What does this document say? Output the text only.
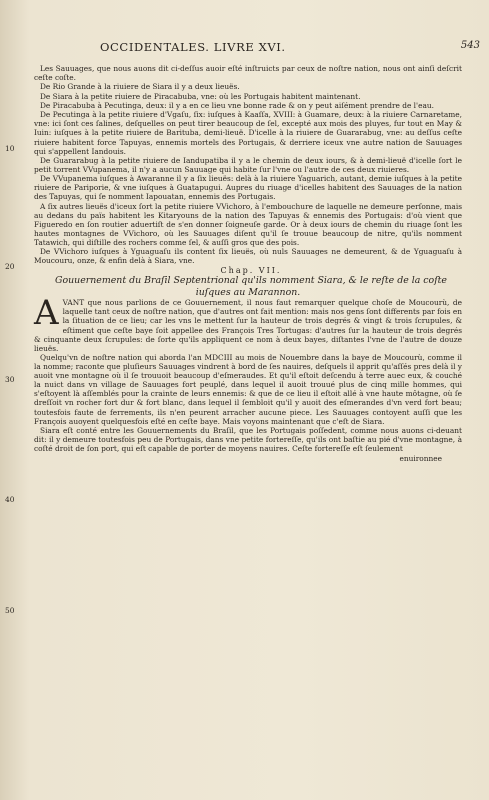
OCCIDENTALES. LIVRE XVI.	543
10
20
30
40
50

Les Sauuages, que nous auons dit ci-deſſus auoir eſté inſtruicts par ceux de noſtre nation, nous ont ainſi deſcrit ceſte coſte.

De Rio Grande à la riuiere de Siara il y a deux lieuës.

De Siara à la petite riuiere de Piracabuba, vne: où les Portugais habitent maintenant.

De Piracabuba à Pecutinga, deux: il y a en ce lieu vne bonne rade & on y peut aiſément prendre de l'eau.

De Pecutinga à la petite riuiere d'Vgaſu, ſix: iuſques à Kaaſſa, XVIII: à Guamare, deux: à la riuiere Carnaretame, vne: ici ſont ces ſalines, deſquelles on peut tirer beaucoup de ſel, excepté aux mois des pluyes, fur tout en May & Iuin: iuſques à la petite riuiere de Barituba, demi-lieuë. D'icelle à la riuiere de Guararabug, vne: au deſſus ceſte riuiere habitent force Tapuyas, ennemis mortels des Portugais, & derriere iceux vne autre nation de Sauuages qui s'appellent Iandouis.

De Guararabug à la petite riuiere de Iandupatiba il y a le chemin de deux iours, & à demi-lieuë d'icelle ſort le petit torrent VVupanema, il n'y a aucun Sauuage qui habite ſur l'vne ou l'autre de ces deux riuieres.

De VVupanema iuſques à Awaranne il y a ſix lieuës: delà à la riuiere Yaguarich, autant, demie iuſques à la petite riuiere de Pariporie, & vne iuſques à Guatapugui. Aupres du riuage d'icelles habitent des Sauuages de la nation des Tapuyas, qui ſe nomment Iapouatan, ennemis des Portugais.

A ſix autres lieuës d'iceux ſort la petite riuiere VVichoro, à l'embouchure de laquelle ne demeure perſonne, mais au dedans du païs habitent les Kitaryouns de la nation des Tapuyas & ennemis des Portugais: d'où vient que Figueredo en ſon routier aduertiſt de s'en donner ſoigneuſe garde. Or à deux iours de chemin du riuage ſont les hautes montagnes de VVichoro, où les Sauuages diſent qu'il ſe trouue beaucoup de nitre, qu'ils nomment Tatawich, qui diſtille des rochers comme ſel, & auſſi gros que des pois.

De VVichoro iuſques à Yguaguaſu ils content ſix lieuës, où nuls Sauuages ne demeurent, & de Yguaguaſu à Moucouru, onze, & enfin delà à Siara, vne.

Chap. VII.

Gouuernement du Braſil Septentrional qu'ils nomment Siara, & le reſte de la coſte iuſques au Marannon.

AVANT que nous parlions de ce Gouuernement, il nous faut remarquer quelque choſe de Moucourù, de laquelle tant ceux de noſtre nation, que d'autres ont fait mention: mais nos gens ſont differents par fois en la ſituation de ce lieu; car les vns le mettent ſur la hauteur de trois degrés & vingt & trois ſcrupules, & eſtiment que ceſte baye ſoit appellee des François Tres Tortugas: d'autres ſur la hauteur de trois degrés & cinquante deux ſcrupules: de ſorte qu'ils appliquent ce nom à deux bayes, diſtantes l'vne de l'autre de douze lieuës.

Quelqu'vn de noſtre nation qui aborda l'an MDCIII au mois de Nouembre dans la baye de Moucourù, comme il la nomme; raconte que pluſieurs Sauuages vindrent à bord de ſes nauires, deſquels il apprit qu'aſſés pres delà il y auoit vne montagne où il ſe trouuoit beaucoup d'eſmeraudes. Et qu'il eſtoit deſcendu à terre auec eux, & couché la nuict dans vn village de Sauuages fort peuplé, dans lequel il auoit trouué plus de cinq mille hommes, qui s'eſtoyent là aſſemblés pour la crainte de leurs ennemis: & que de ce lieu il eſtoit allé à vne haute môtagne, où ſe dreſſoit vn rocher fort dur & fort blanc, dans lequel il ſembloit qu'il y auoit des eſmerandes d'vn verd fort beau; toutesfois faute de ferrements, ils n'en peurent arracher aucune piece. Les Sauuages contoyent auſſi que les François auoyent quelquesfois eſté en ceſte baye. Mais voyons maintenant que c'eſt de Siara.

Siara eſt conté entre les Gouuernements du Braſil, que les Portugais poſſedent, comme nous auons ci-deuant dit: il y demeure toutesfois peu de Portugais, dans vne petite fortereſſe, qu'ils ont baſtie au pié d'vne montagne, à coſté droit de ſon port, qui eſt capable de porter de moyens nauires. Ceſte fortereſſe eſt ſeulement

enuironnee
